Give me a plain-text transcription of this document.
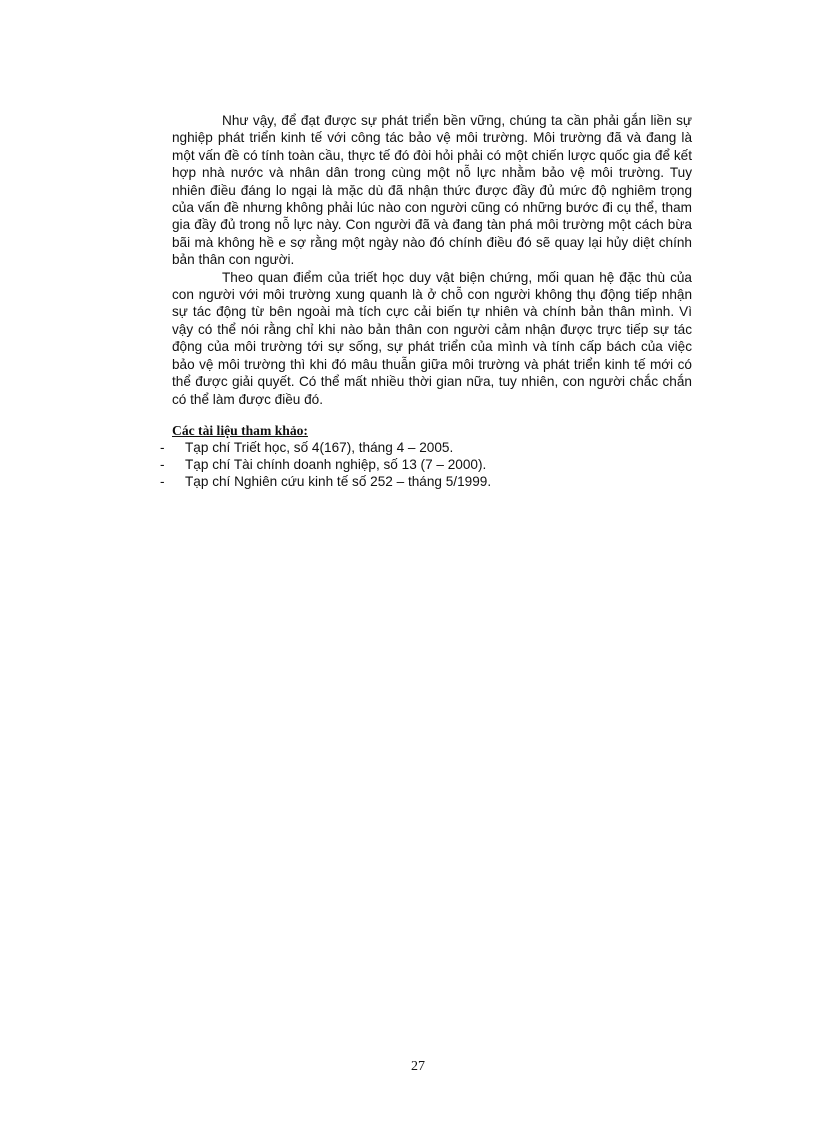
Như vậy, để đạt được sự phát triển bền vững, chúng ta cần phải gắn liền sự nghiệp phát triển kinh tế với công tác bảo vệ môi trường. Môi trường đã và đang là một vấn đề có tính toàn cầu, thực tế đó đòi hỏi phải có một chiến lược quốc gia để kết hợp nhà nước và nhân dân trong cùng một nỗ lực nhằm bảo vệ môi trường. Tuy nhiên điều đáng lo ngại là mặc dù đã nhận thức được đầy đủ mức độ nghiêm trọng của vấn đề nhưng không phải lúc nào con người cũng có những bước đi cụ thể, tham gia đầy đủ trong nỗ lực này. Con người đã và đang tàn phá môi trường một cách bừa bãi mà không hề e sợ rằng một ngày nào đó chính điều đó sẽ quay lại hủy diệt chính bản thân con người.

Theo quan điểm của triết học duy vật biện chứng, mối quan hệ đặc thù của con người với môi trường xung quanh là ở chỗ con người không thụ động tiếp nhận sự tác động từ bên ngoài mà tích cực cải biến tự nhiên và chính bản thân mình. Vì vậy có thể nói rằng chỉ khi nào bản thân con người cảm nhận được trực tiếp sự tác động của môi trường tới sự sống, sự phát triển của mình và tính cấp bách của việc bảo vệ môi trường thì khi đó mâu thuẫn giữa môi trường và phát triển kinh tế mới có thể được giải quyết. Có thể mất nhiều thời gian nữa, tuy nhiên, con người chắc chắn có thể làm được điều đó.

Các tài liệu tham khảo:
- Tạp chí Triết học, số 4(167), tháng 4 – 2005.
- Tạp chí Tài chính doanh nghiệp, số 13 (7 – 2000).
- Tạp chí Nghiên cứu kinh tế số 252 – tháng 5/1999.
27
